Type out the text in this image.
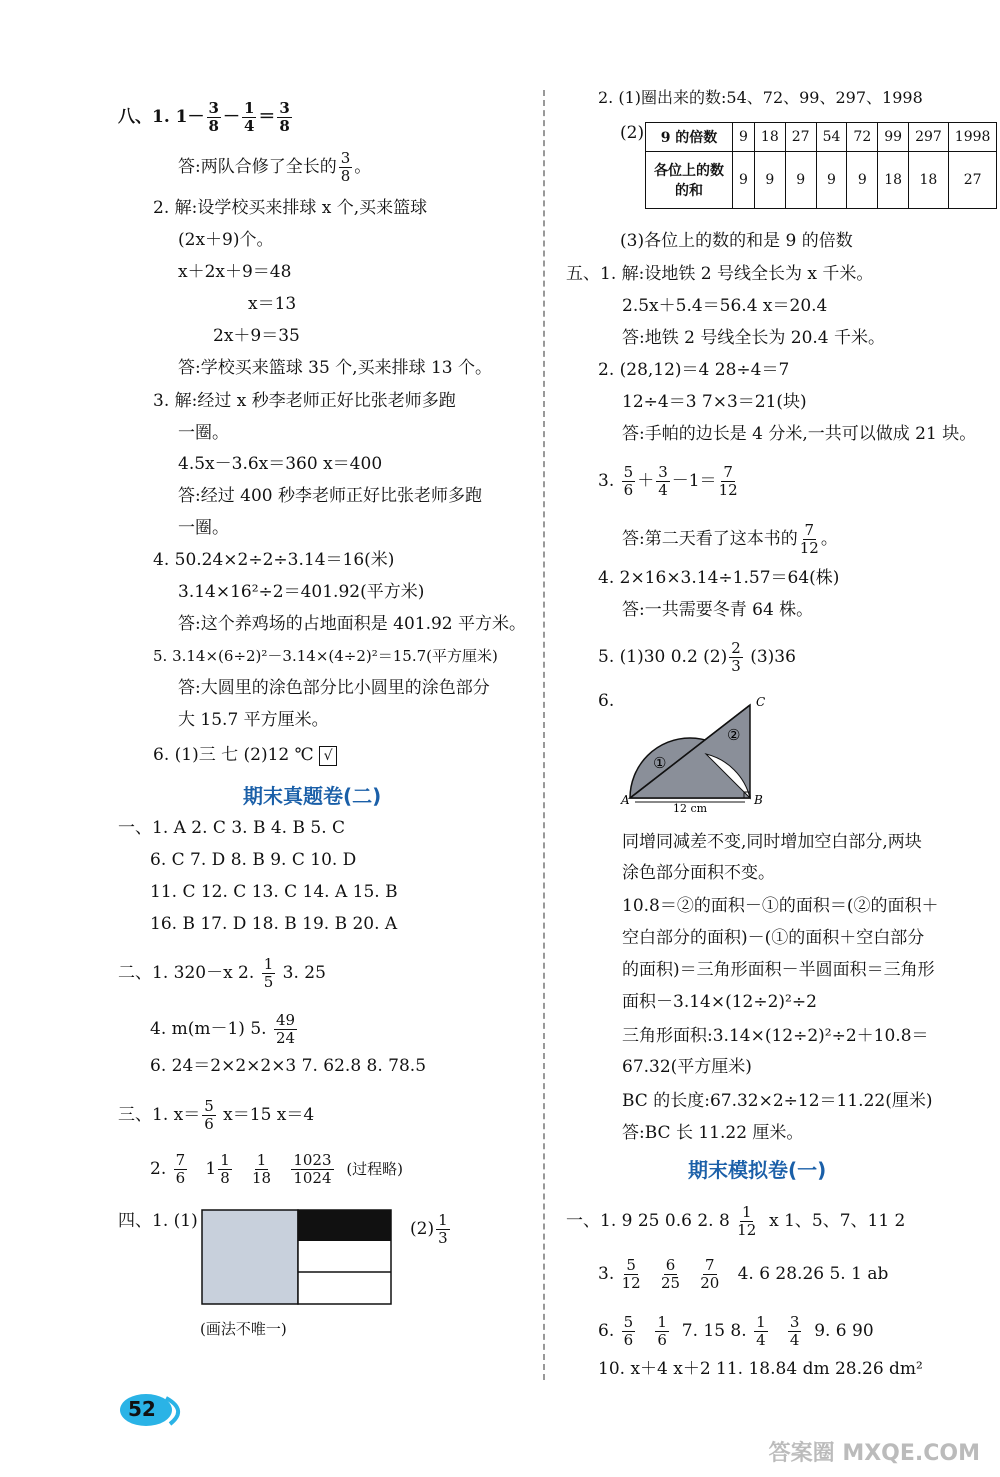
八、1. $1- \frac{3}{8} - \frac{1}{4} = \frac{3}{8}$
答:两队合修了全长的 $\frac{3}{8}$ 。
2. 解:设学校买来排球 x 个,买来篮球
(2x＋9)个。
x＋2x＋9＝48
x＝13
2x＋9＝35
答:学校买来篮球 35 个,买来排球 13 个。
3. 解:经过 x 秒李老师正好比张老师多跑
一圈。
4.5x－3.6x＝360 x＝400
答:经过 400 秒李老师正好比张老师多跑
一圈。
4. 50.24×2÷2÷3.14＝16(米)
3.14×16²÷2＝401.92(平方米)
答:这个养鸡场的占地面积是 401.92 平方米。
5. 3.14×(6÷2)²－3.14×(4÷2)²＝15.7(平方厘米)
答:大圆里的涂色部分比小圆里的涂色部分
大 15.7 平方厘米。
6. (1)三 七 (2)12 ℃ √
期末真题卷(二)
一、1. A 2. C 3. B 4. B 5. C
6. C 7. D 8. B 9. C 10. D
11. C 12. C 13. C 14. A 15. B
16. B 17. D 18. B 19. B 20. A
二、1. 320－x 2. $\frac{1}{5} 3$. 25
4. m(m－1) 5. $\frac{49}{24}$
6. 24＝2×2×2×3 7. 62.8 8. 78.5
三、1. $x= \frac{5}{6} x=15$ x＝4
2. $\frac{7}{6} 1 \frac{1}{8}$
$\frac{1}{18}$
$\frac{1023}{1024}$ (过程略)
四、1. (1)	$(2) \frac{1}{3}$
(画法不唯一)
52
2. (1)圈出来的数:54、72、99、297、1998
(2) 9 的倍数	9	18	27	54	72	99	297	1998
各位上的数的和	9	9	9	9	9	18	18	27
(3)各位上的数的和是 9 的倍数
五、1. 解:设地铁 2 号线全长为 x 千米。
2.5x＋5.4＝56.4 x＝20.4
答:地铁 2 号线全长为 20.4 千米。
2. (28,12)＝4 28÷4＝7
12÷4＝3 7×3＝21(块)
答:手帕的边长是 4 分米,一共可以做成 21 块。
3. $\frac{5}{6} + \frac{3}{4} -1= \frac{7}{12}$
答:第二天看了这本书的 $\frac{7}{12}$ 。
4. 2×16×3.14÷1.57＝64(株)
答:一共需要冬青 64 株。
5. (1)30 0.2 $(2) \frac{2}{3} (3)36$
6.
A	B
C
12 cm
①
②
同增同减差不变,同时增加空白部分,两块
涂色部分面积不变。
10.8＝②的面积－①的面积＝(②的面积＋
空白部分的面积)－(①的面积＋空白部分
的面积)＝三角形面积－半圆面积＝三角形
面积－3.14×(12÷2)²÷2
三角形面积:3.14×(12÷2)²÷2＋10.8＝
67.32(平方厘米)
BC 的长度:67.32×2÷12＝11.22(厘米)
答:BC 长 11.22 厘米。
期末模拟卷(一)
一、1. 9 25 0.6 2. $8 \frac{1}{12}$ x 1、5、7、11 2
3. $\frac{5}{12}$
$\frac{6}{25}$
$\frac{7}{20} 4$. 6 28.26 5. 1 ab
6. $\frac{5}{6}$
$\frac{1}{6} 7$. 15 8. $\frac{1}{4}$
$\frac{3}{4} 9$. 6 90
10. x＋4 x＋2 11. 18.84 dm 28.26 dm²
答案圈 MXQE.COM
